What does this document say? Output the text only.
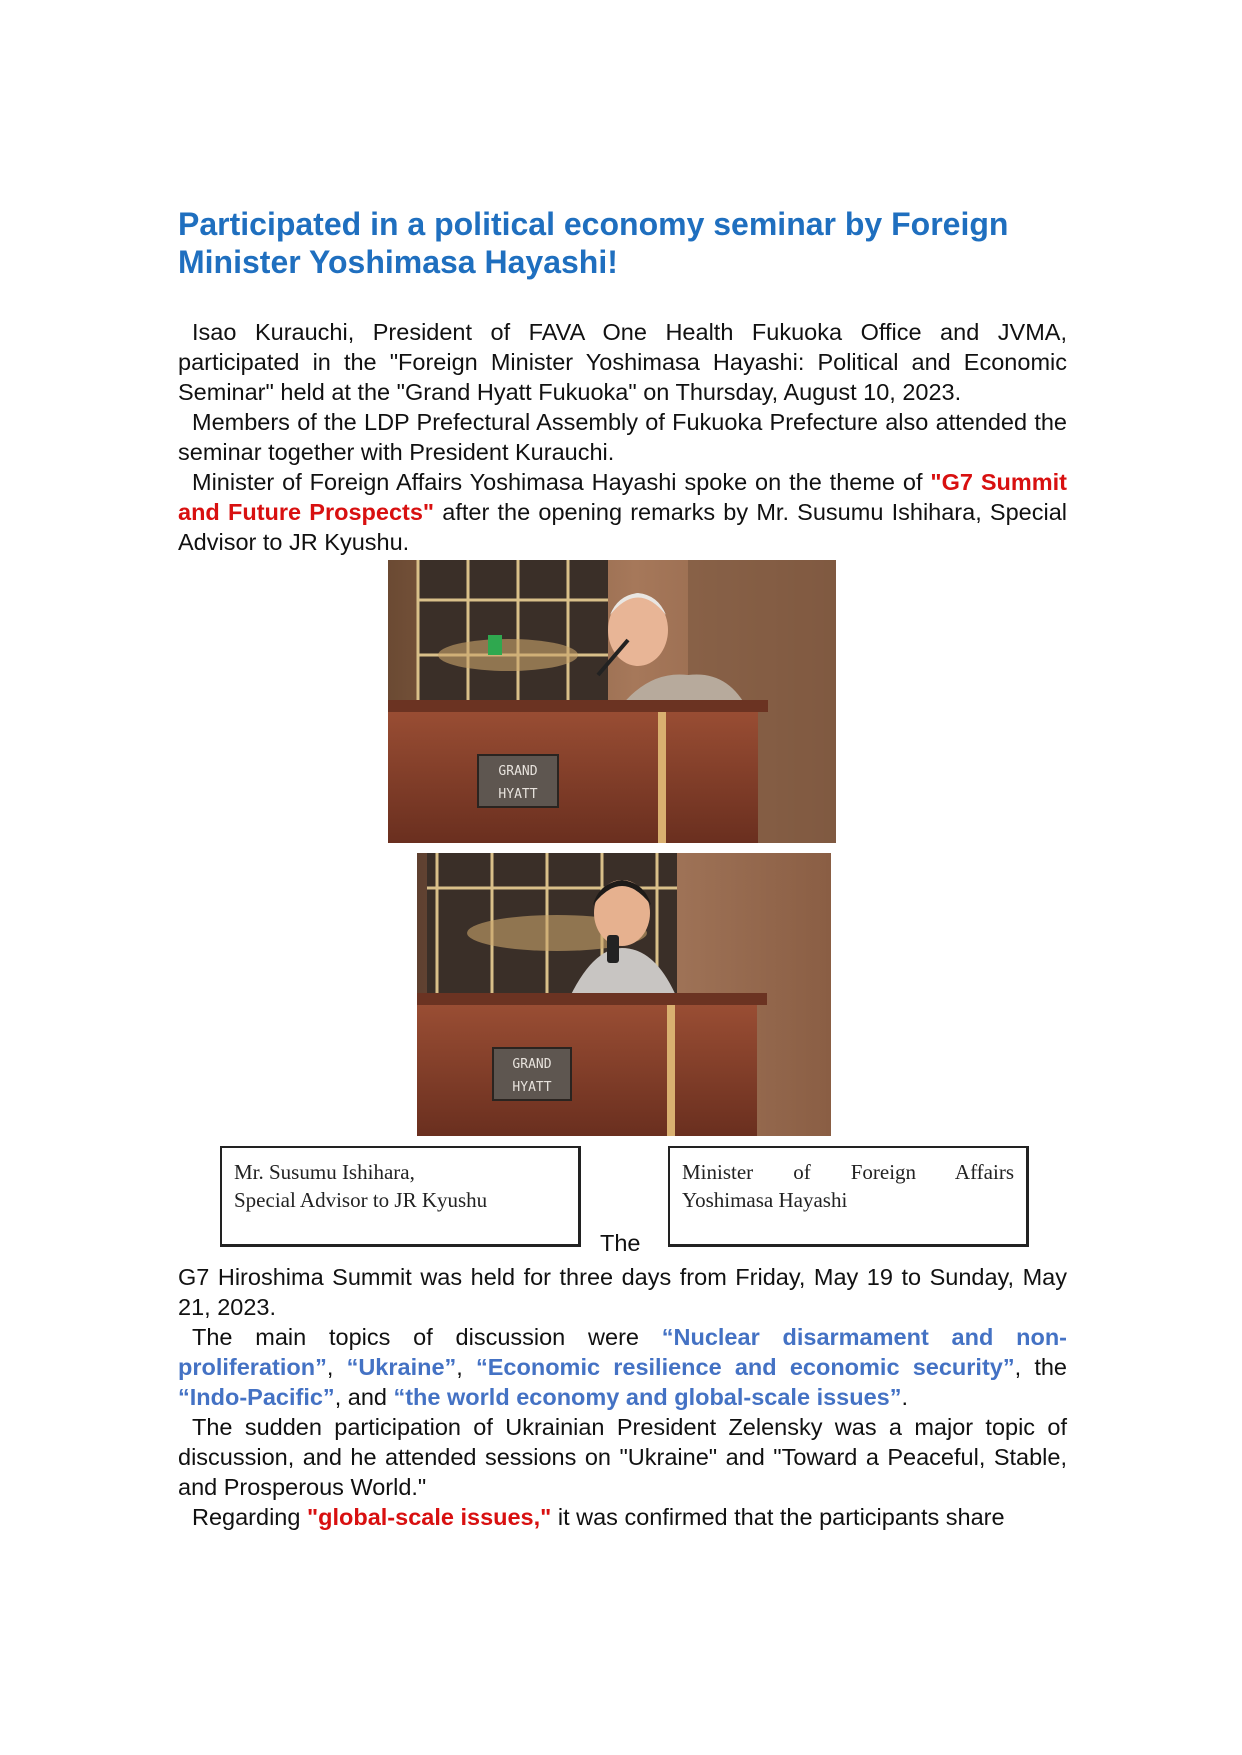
Participated in a political economy seminar by Foreign Minister Yoshimasa Hayashi!

Isao Kurauchi, President of FAVA One Health Fukuoka Office and JVMA, participated in the "Foreign Minister Yoshimasa Hayashi: Political and Economic Seminar" held at the "Grand Hyatt Fukuoka" on Thursday, August 10, 2023.

Members of the LDP Prefectural Assembly of Fukuoka Prefecture also attended the seminar together with President Kurauchi.

Minister of Foreign Affairs Yoshimasa Hayashi spoke on the theme of "G7 Summit and Future Prospects" after the opening remarks by Mr. Susumu Ishihara, Special Advisor to JR Kyushu.

GRAND
HYATT
GRAND
HYATT
Mr. Susumu Ishihara,
Special Advisor to JR Kyushu
Minister of Foreign Affairs
Yoshimasa Hayashi
The

G7 Hiroshima Summit was held for three days from Friday, May 19 to Sunday, May 21, 2023.

The main topics of discussion were “Nuclear disarmament and non-proliferation”, “Ukraine”, “Economic resilience and economic security”, the “Indo-Pacific”, and “the world economy and global-scale issues”.

The sudden participation of Ukrainian President Zelensky was a major topic of discussion, and he attended sessions on "Ukraine" and "Toward a Peaceful, Stable, and Prosperous World."

Regarding "global-scale issues," it was confirmed that the participants share
